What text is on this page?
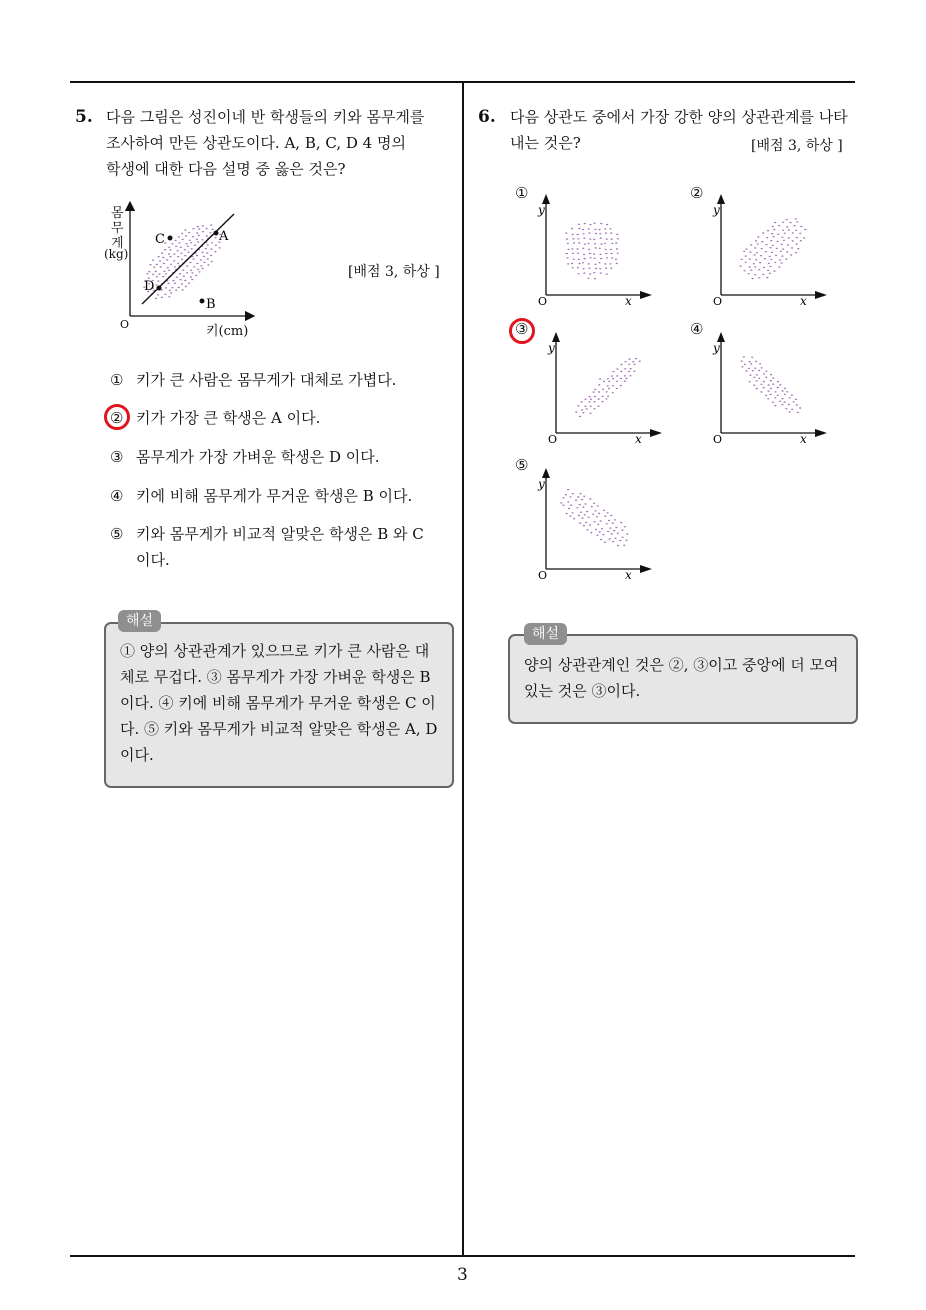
3
5. 다음 그림은 성진이네 반 학생들의 키와 몸무게를
조사하여 만든 상관도이다. A, B, C, D 4 명의
학생에 대한 다음 설명 중 옳은 것은?
A
B
C
D
몸
무
게
(kg)
O	키(cm)
[배점 3, 하상 ]
① 키가 큰 사람은 몸무게가 대체로 가볍다.
② 키가 가장 큰 학생은 A 이다.
③ 몸무게가 가장 가벼운 학생은 D 이다.
④ 키에 비해 몸무게가 무거운 학생은 B 이다.
⑤ 키와 몸무게가 비교적 알맞은 학생은 B 와 C
이다.
① 양의 상관관계가 있으므로 키가 큰 사람은 대
체로 무겁다. ③ 몸무게가 가장 가벼운 학생은 B
이다. ④ 키에 비해 몸무게가 무거운 학생은 C 이
다. ⑤ 키와 몸무게가 비교적 알맞은 학생은 A, D
이다.
해설
6. 다음 상관도 중에서 가장 강한 양의 상관관계를 나타
내는 것은?	[배점 3, 하상 ]
①
y
O	x
②
y
O	x
③
y
O	x
④
y
O	x
⑤
y
O	x
양의 상관관계인 것은 ②, ③이고 중앙에 더 모여
있는 것은 ③이다.
해설
